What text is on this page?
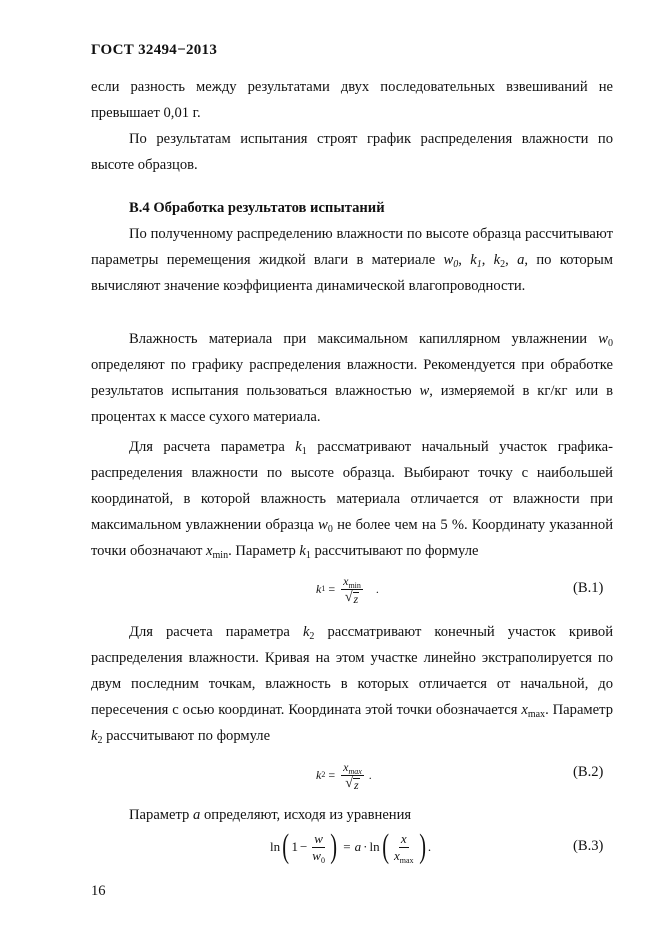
ГОСТ 32494−2013
если разность между результатами двух последовательных взвешиваний не превышает 0,01 г.
По результатам испытания строят график распределения влажности по высоте образцов.
В.4 Обработка результатов испытаний
По полученному распределению влажности по высоте образца рассчитывают параметры перемещения жидкой влаги в материале $w_0$, $k_1$, $k_2$, а, по которым вычисляют значение коэффициента динамической влагопроводности.
Влажность материала при максимальном капиллярном увлажнении $w_0$ определяют по графику распределения влажности. Рекомендуется при обработке результатов испытания пользоваться влажностью w, измеряемой в кг/кг или в процентах к массе сухого материала.
Для расчета параметра $k_1$ рассматривают начальный участок графика-распределения влажности по высоте образца. Выбирают точку с наибольшей координатой, в которой влажность материала отличается от влажности при максимальном увлажнении образца $w_0$ не более чем на 5 %. Координату указанной точки обозначают $x_{min}$. Параметр $k_1$ рассчитывают по формуле
k $1 = \frac{x_{min}}{√ z}$ .	(В.1)
Для расчета параметра $k_2$ рассматривают конечный участок кривой распределения влажности. Кривая на этом участке линейно экстраполируется по двум последним точкам, влажность в которых отличается от начальной, до пересечения с осью координат. Координата этой точки обозначается $x_{max}$. Параметр $k_2$ рассчитывают по формуле
k $2 = \frac{x_{max}}{√ z}$ .	(В.2)
Параметр а определяют, исходя из уравнения
ln ( $1 - \frac{w}{w_0}$ ) = a · ln ( $\frac{x}{x_{max}}$ ) .	(В.3)
16
